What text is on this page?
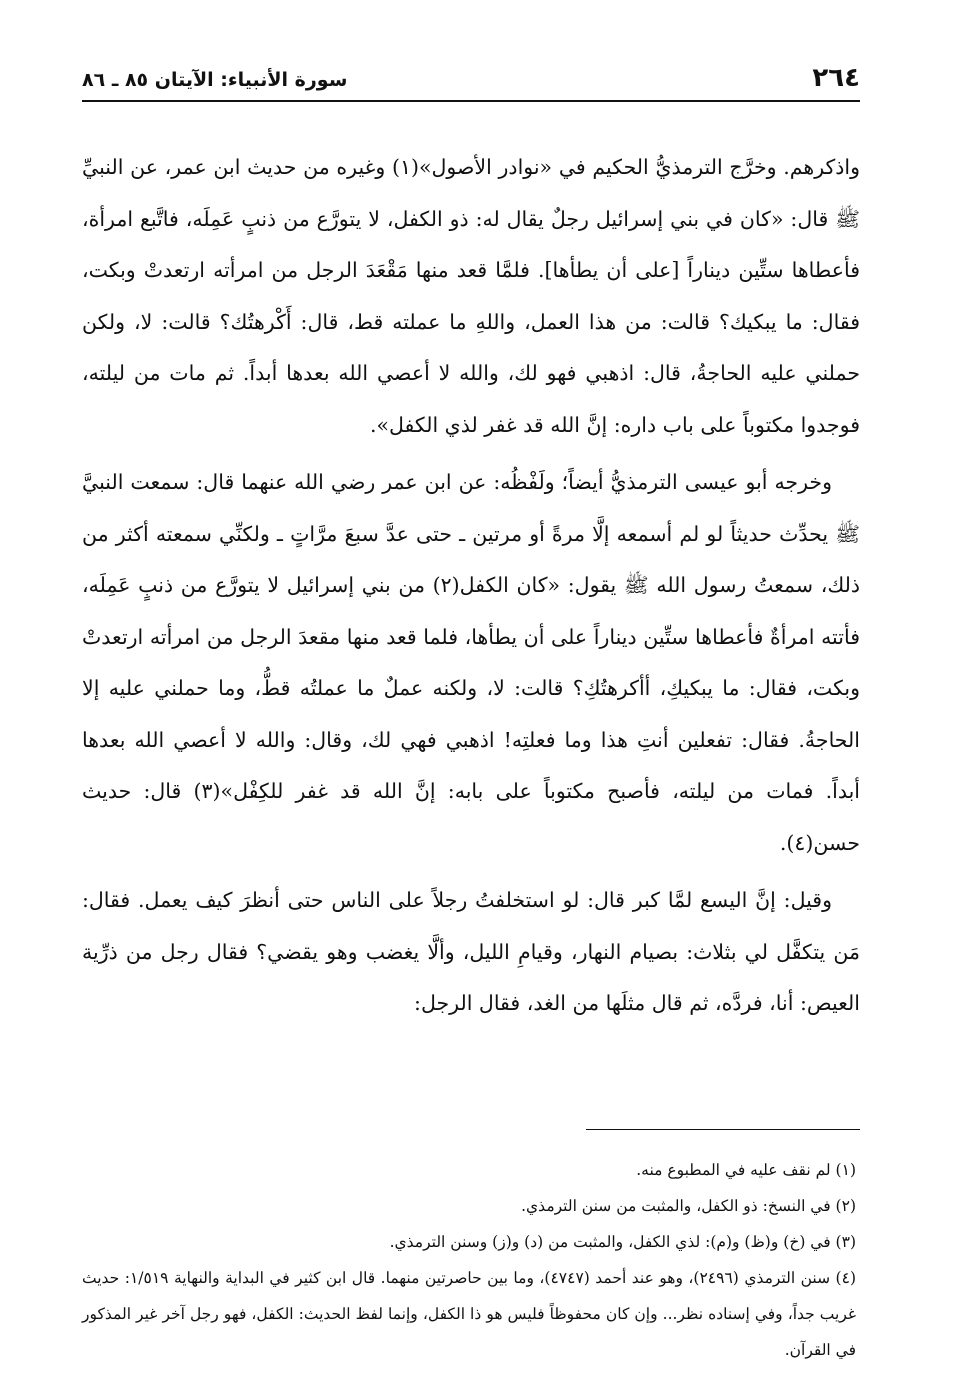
٢٦٤
سورة الأنبياء: الآيتان ٨٥ ـ ٨٦

واذكرهم. وخرَّج الترمذيُّ الحكيم في «نوادر الأصول»(١) وغيره من حديث ابن عمر، عن النبيِّ ﷺ قال: «كان في بني إسرائيل رجلٌ يقال له: ذو الكفل، لا يتورَّع من ذنبٍ عَمِلَه، فاتَّبع امرأة، فأعطاها ستِّين ديناراً [على أن يطأها]. فلمَّا قعد منها مَقْعَدَ الرجل من امرأته ارتعدتْ وبكت، فقال: ما يبكيك؟ قالت: من هذا العمل، واللهِ ما عملته قط، قال: أَكْرهتُك؟ قالت: لا، ولكن حملني عليه الحاجةُ، قال: اذهبي فهو لك، والله لا أعصي الله بعدها أبداً. ثم مات من ليلته، فوجدوا مكتوباً على باب داره: إنَّ الله قد غفر لذي الكفل».

وخرجه أبو عيسى الترمذيُّ أيضاً؛ ولَفْظُه: عن ابن عمر رضي الله عنهما قال: سمعت النبيَّ ﷺ يحدِّث حديثاً لو لم أسمعه إلَّا مرةً أو مرتين ـ حتى عدَّ سبعَ مرَّاتٍ ـ ولكنِّي سمعته أكثر من ذلك، سمعتُ رسول الله ﷺ يقول: «كان الكفل(٢) من بني إسرائيل لا يتورَّع من ذنبٍ عَمِلَه، فأتته امرأةٌ فأعطاها ستِّين ديناراً على أن يطأها، فلما قعد منها مقعدَ الرجل من امرأته ارتعدتْ وبكت، فقال: ما يبكيكِ، أأكرهتُكِ؟ قالت: لا، ولكنه عملٌ ما عملتُه قطُّ، وما حملني عليه إلا الحاجةُ. فقال: تفعلين أنتِ هذا وما فعلتِه! اذهبي فهي لك، وقال: والله لا أعصي الله بعدها أبداً. فمات من ليلته، فأصبح مكتوباً على بابه: إنَّ الله قد غفر للكِفْل»(٣) قال: حديث حسن(٤).

وقيل: إنَّ اليسع لمَّا كبر قال: لو استخلفتُ رجلاً على الناس حتى أنظرَ كيف يعمل. فقال: مَن يتكفَّل لي بثلاث: بصيام النهار، وقيامِ الليل، وألَّا يغضب وهو يقضي؟ فقال رجل من ذرِّية العيص: أنا، فردَّه، ثم قال مثلَها من الغد، فقال الرجل:

(١) لم نقف عليه في المطبوع منه.

(٢) في النسخ: ذو الكفل، والمثبت من سنن الترمذي.

(٣) في (خ) و(ظ) و(م): لذي الكفل، والمثبت من (د) و(ز) وسنن الترمذي.

(٤) سنن الترمذي (٢٤٩٦)، وهو عند أحمد (٤٧٤٧)، وما بين حاصرتين منهما. قال ابن كثير في البداية والنهاية ١/٥١٩: حديث غريب جداً، وفي إسناده نظر... وإن كان محفوظاً فليس هو ذا الكفل، وإنما لفظ الحديث: الكفل، فهو رجل آخر غير المذكور في القرآن.
